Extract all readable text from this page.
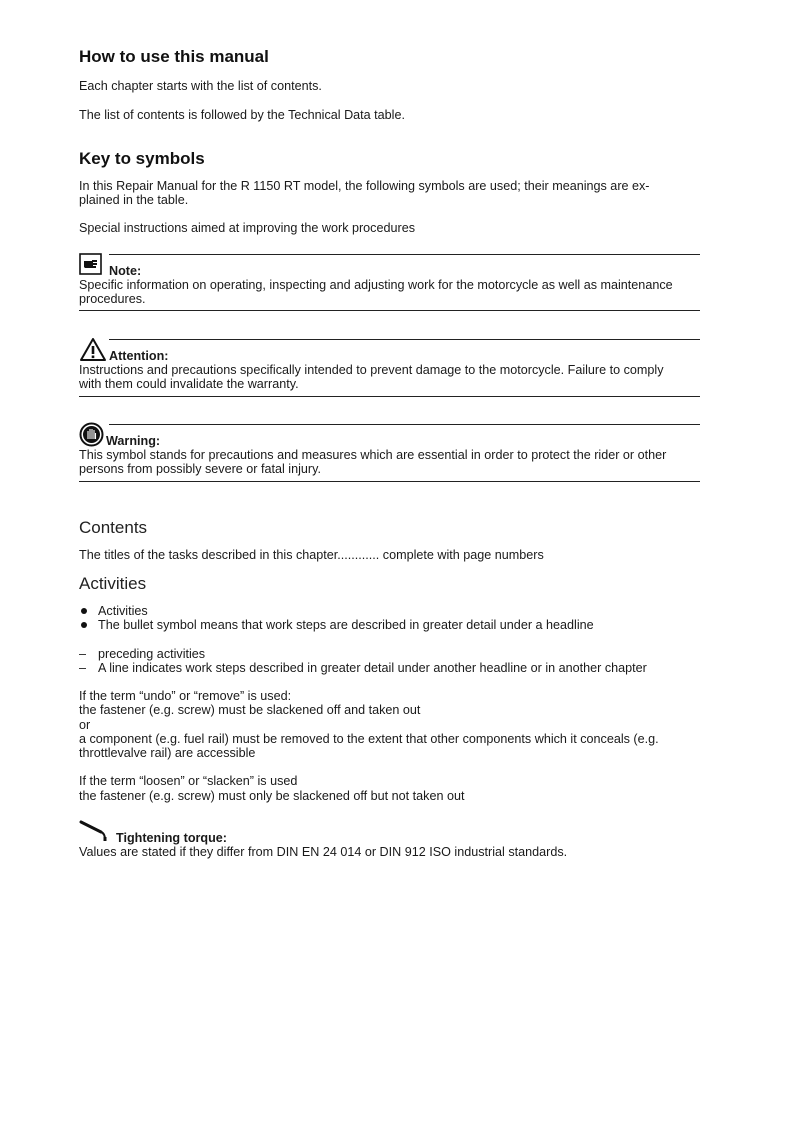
How to use this manual
Each chapter starts with the list of contents.
The list of contents is followed by the Technical Data table.
Key to symbols
In this Repair Manual for the R 1150 RT model, the following symbols are used; their meanings are ex-
plained in the table.
Special instructions aimed at improving the work procedures
Note:
Specific information on operating, inspecting and adjusting work for the motorcycle as well as maintenance
procedures.
Attention:
Instructions and precautions specifically intended to prevent damage to the motorcycle. Failure to comply
with them could invalidate the warranty.
Warning:
This symbol stands for precautions and measures which are essential in order to protect the rider or other
persons from possibly severe or fatal injury.
Contents
The titles of the tasks described in this chapter............ complete with page numbers
Activities
Activities
The bullet symbol means that work steps are described in greater detail under a headline
– preceding activities
– A line indicates work steps described in greater detail under another headline or in another chapter
If the term “undo” or “remove” is used:
the fastener (e.g. screw) must be slackened off and taken out
or
a component (e.g. fuel rail) must be removed to the extent that other components which it conceals (e.g.
throttlevalve rail) are accessible
If the term “loosen” or “slacken” is used
the fastener (e.g. screw) must only be slackened off but not taken out
Tightening torque:
Values are stated if they differ from DIN EN 24 014 or DIN 912 ISO industrial standards.
